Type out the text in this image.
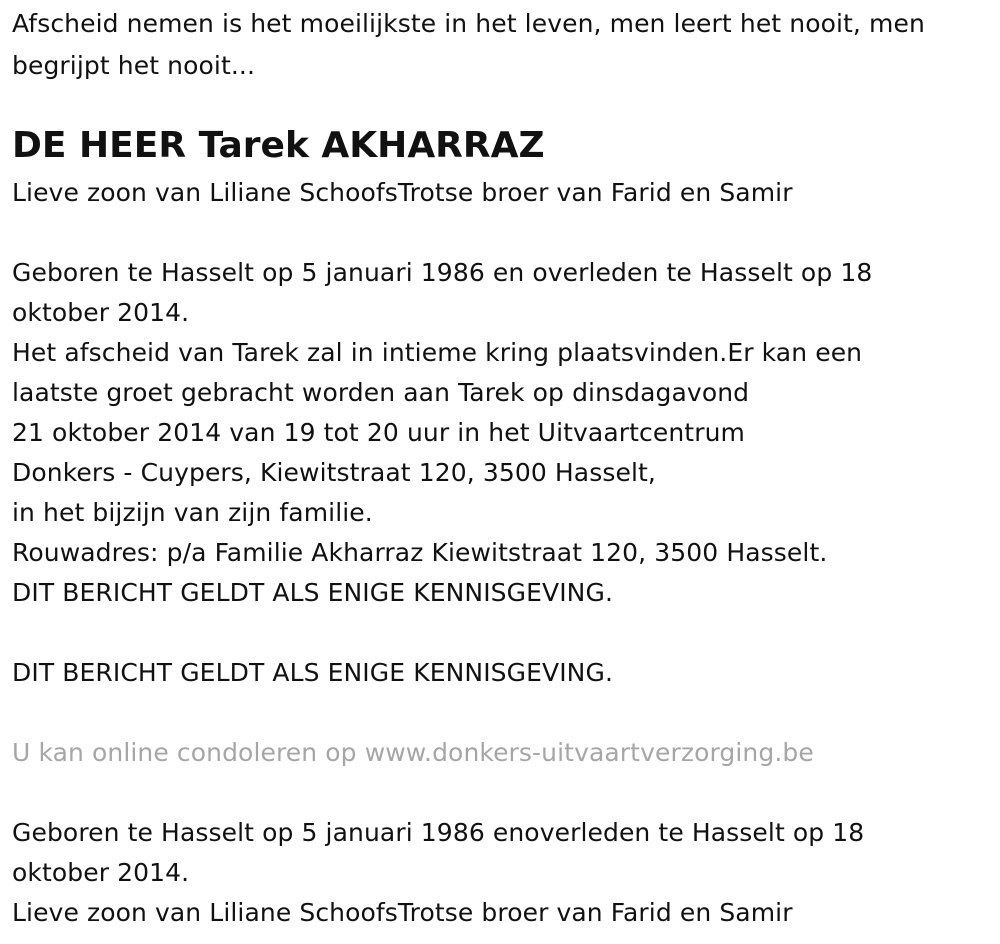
Afscheid nemen is het moeilijkste in het leven, men leert het nooit, men
begrijpt het nooit...
DE HEER Tarek AKHARRAZ
Lieve zoon van Liliane SchoofsTrotse broer van Farid en Samir
Geboren te Hasselt op 5 januari 1986 en overleden te Hasselt op 18
oktober 2014.
Het afscheid van Tarek zal in intieme kring plaatsvinden.Er kan een
laatste groet gebracht worden aan Tarek op dinsdagavond
21 oktober 2014 van 19 tot 20 uur in het Uitvaartcentrum
Donkers - Cuypers, Kiewitstraat 120, 3500 Hasselt,
in het bijzijn van zijn familie.
Rouwadres: p/a Familie Akharraz Kiewitstraat 120, 3500 Hasselt.
DIT BERICHT GELDT ALS ENIGE KENNISGEVING.
DIT BERICHT GELDT ALS ENIGE KENNISGEVING.
U kan online condoleren op www.donkers-uitvaartverzorging.be
Geboren te Hasselt op 5 januari 1986 enoverleden te Hasselt op 18
oktober 2014.
Lieve zoon van Liliane SchoofsTrotse broer van Farid en Samir
